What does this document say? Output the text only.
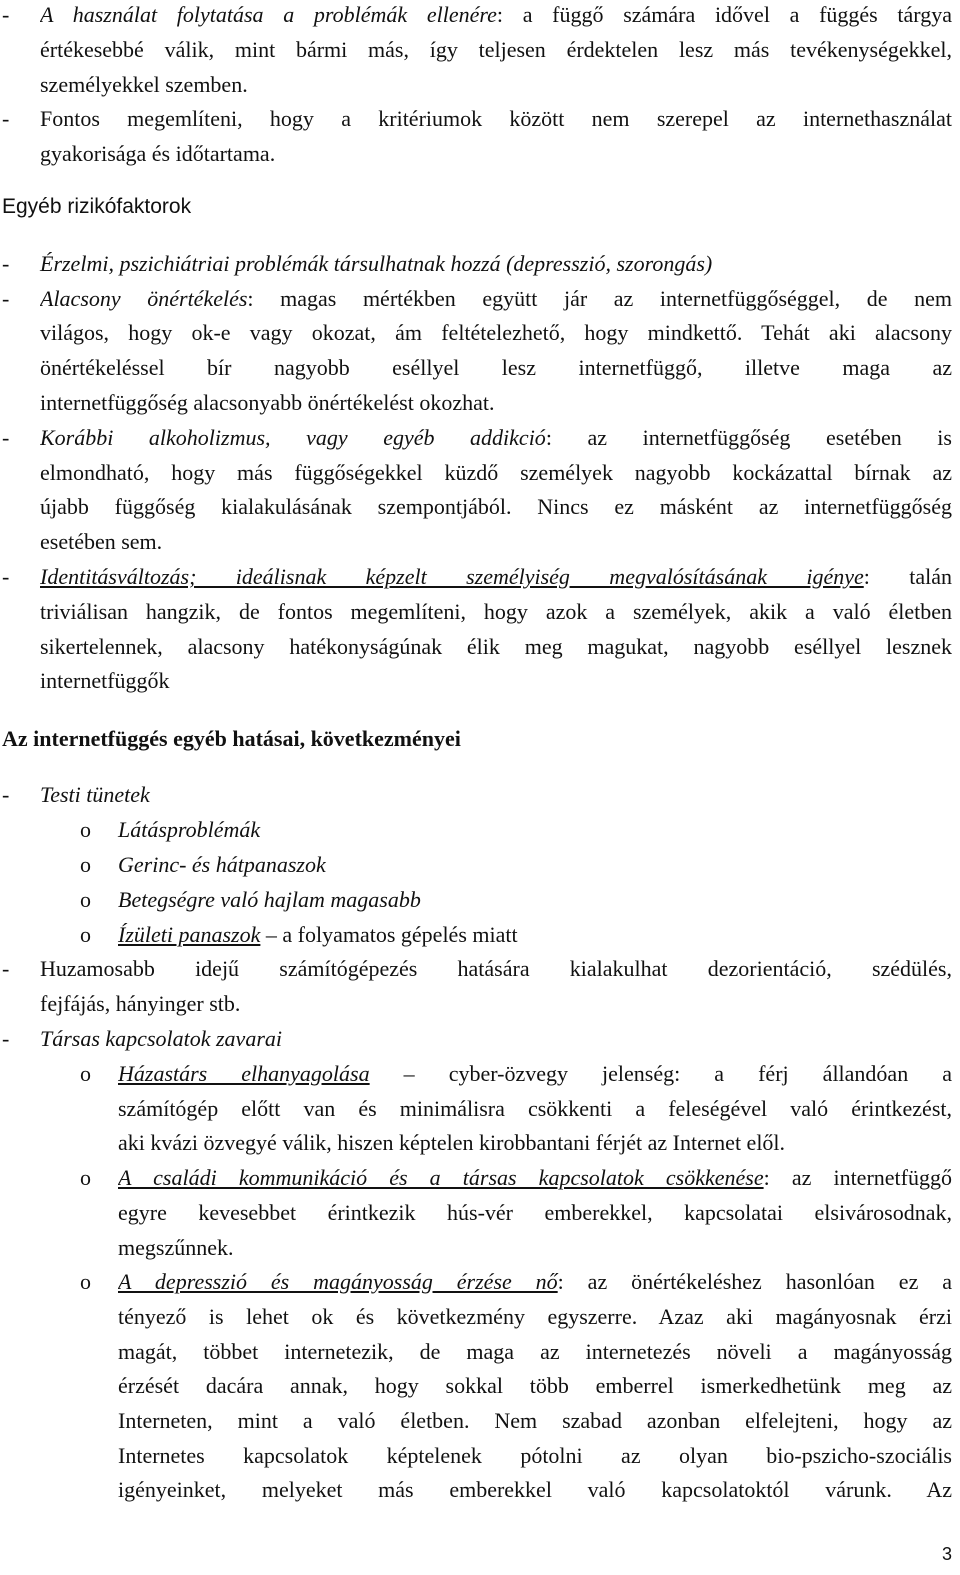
- A használat folytatása a problémák ellenére: a függő számára idővel a függés tárgya
értékesebbé válik, mint bármi más, így teljesen érdektelen lesz más tevékenységekkel,
személyekkel szemben.
- Fontos megemlíteni, hogy a kritériumok között nem szerepel az internethasználat
gyakorisága és időtartama.
Egyéb rizikófaktorok
- Érzelmi, pszichiátriai problémák társulhatnak hozzá (depresszió, szorongás)
- Alacsony önértékelés: magas mértékben együtt jár az internetfüggőséggel, de nem
világos, hogy ok-e vagy okozat, ám feltételezhető, hogy mindkettő. Tehát aki alacsony
önértékeléssel bír nagyobb eséllyel lesz internetfüggő, illetve maga az
internetfüggőség alacsonyabb önértékelést okozhat.
- Korábbi alkoholizmus, vagy egyéb addikció: az internetfüggőség esetében is
elmondható, hogy más függőségekkel küzdő személyek nagyobb kockázattal bírnak az
újabb függőség kialakulásának szempontjából. Nincs ez másként az internetfüggőség
esetében sem.
- Identitásváltozás; ideálisnak képzelt személyiség megvalósításának igénye: talán
triviálisan hangzik, de fontos megemlíteni, hogy azok a személyek, akik a való életben
sikertelennek, alacsony hatékonyságúnak élik meg magukat, nagyobb eséllyel lesznek
internetfüggők
Az internetfüggés egyéb hatásai, következményei
- Testi tünetek
o Látásproblémák
o Gerinc- és hátpanaszok
o Betegségre való hajlam magasabb
o Ízületi panaszok – a folyamatos gépelés miatt
- Huzamosabb idejű számítógépezés hatására kialakulhat dezorientáció, szédülés,
fejfájás, hányinger stb.
- Társas kapcsolatok zavarai
o Házastárs elhanyagolása – cyber-özvegy jelenség: a férj állandóan a
számítógép előtt van és minimálisra csökkenti a feleségével való érintkezést,
aki kvázi özvegyé válik, hiszen képtelen kirobbantani férjét az Internet elől.
o A családi kommunikáció és a társas kapcsolatok csökkenése: az internetfüggő
egyre kevesebbet érintkezik hús-vér emberekkel, kapcsolatai elsivárosodnak,
megszűnnek.
o A depresszió és magányosság érzése nő: az önértékeléshez hasonlóan ez a
tényező is lehet ok és következmény egyszerre. Azaz aki magányosnak érzi
magát, többet internetezik, de maga az internetezés növeli a magányosság
érzését dacára annak, hogy sokkal több emberrel ismerkedhetünk meg az
Interneten, mint a való életben. Nem szabad azonban elfelejteni, hogy az
Internetes kapcsolatok képtelenek pótolni az olyan bio-pszicho-szociális
igényeinket, melyeket más emberekkel való kapcsolatoktól várunk. Az
3
